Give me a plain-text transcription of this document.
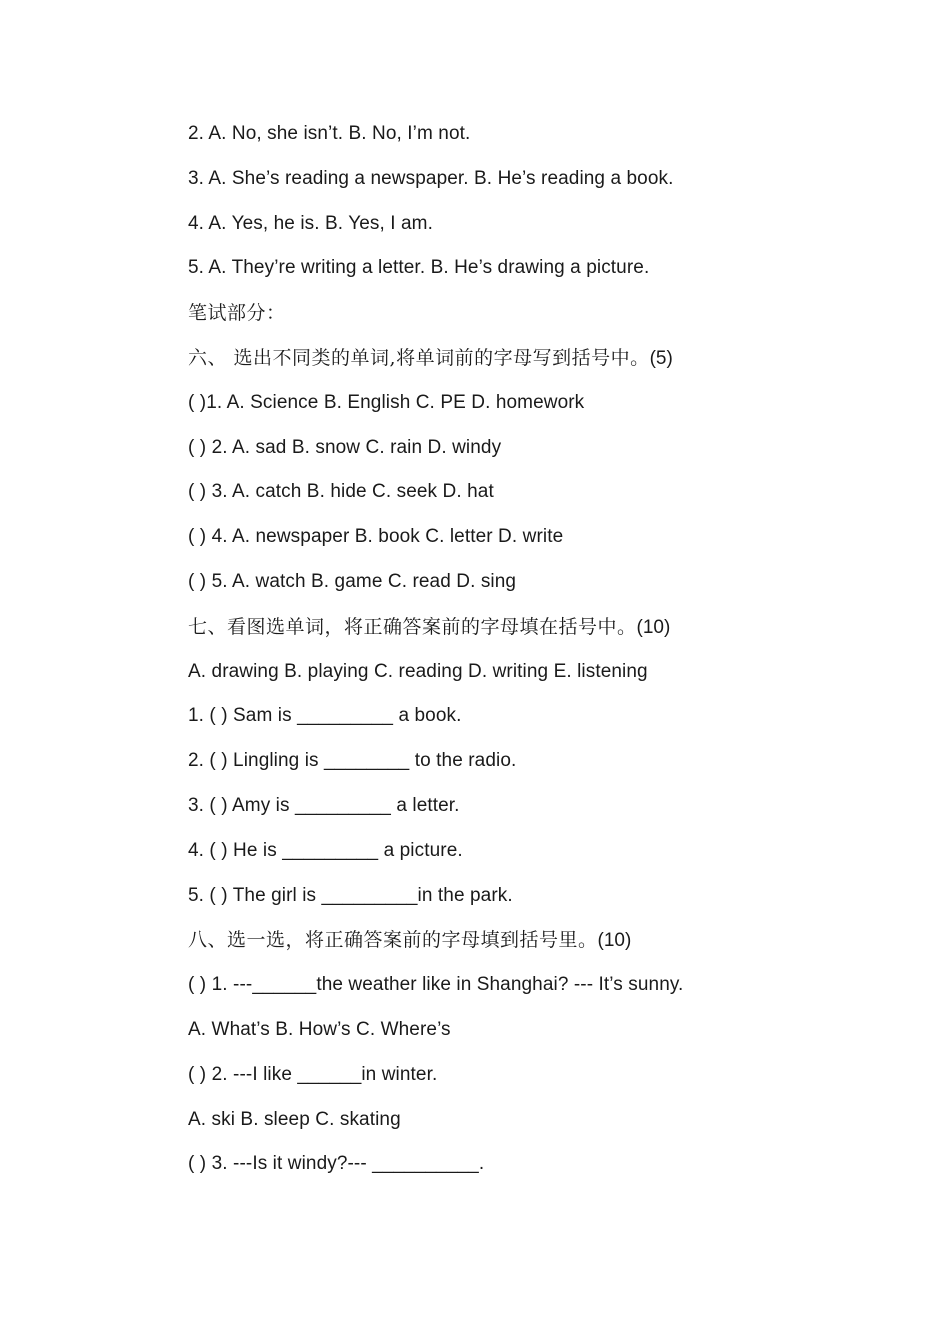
2. A. No, she isn’t. B. No, I’m not.
3. A. She’s reading a newspaper. B. He’s reading a book.
4. A. Yes, he is. B. Yes, I am.
5. A. They’re writing a letter. B. He’s drawing a picture.
笔试部分：
六、 选出不同类的单词,将单词前的字母写到括号中。(5)
( )1. A. Science B. English C. PE D. homework
( ) 2. A. sad B. snow C. rain D. windy
( ) 3. A. catch B. hide C. seek D. hat
( ) 4. A. newspaper B. book C. letter D. write
( ) 5. A. watch B. game C. read D. sing
七、看图选单词，将正确答案前的字母填在括号中。(10)
A. drawing B. playing C. reading D. writing E. listening
1. ( ) Sam is _________ a book.
2. ( ) Lingling is ________ to the radio.
3. ( ) Amy is _________ a letter.
4. ( ) He is _________ a picture.
5. ( ) The girl is _________in the park.
八、选一选，将正确答案前的字母填到括号里。(10)
( ) 1. ---______the weather like in Shanghai? --- It’s sunny.
A. What’s B. How’s C. Where’s
( ) 2. ---I like ______in winter.
A. ski B. sleep C. skating
( ) 3. ---Is it windy?--- __________.
